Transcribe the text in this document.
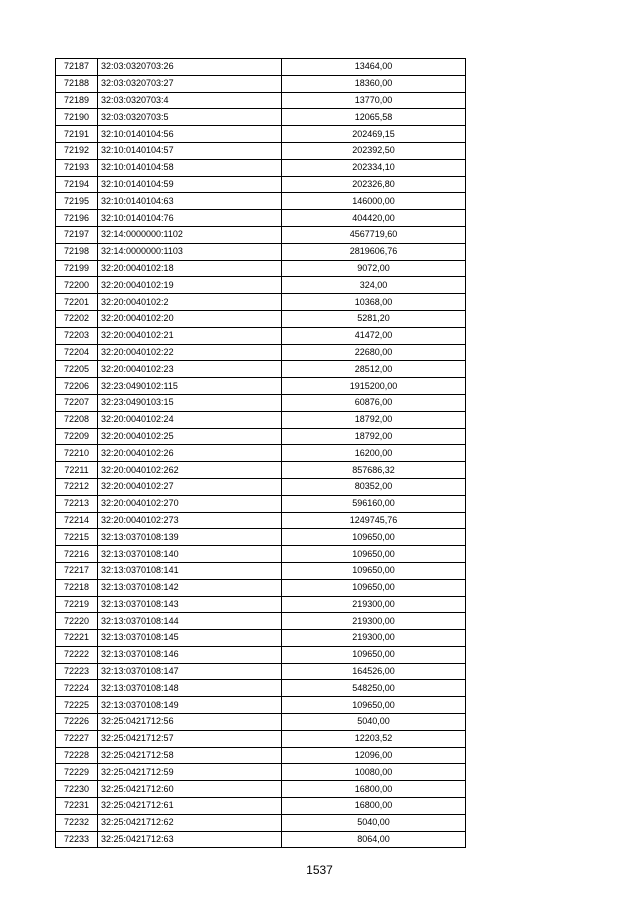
72187	32:03:0320703:26	13464,00
72188	32:03:0320703:27	18360,00
72189	32:03:0320703:4	13770,00
72190	32:03:0320703:5	12065,58
72191	32:10:0140104:56	202469,15
72192	32:10:0140104:57	202392,50
72193	32:10:0140104:58	202334,10
72194	32:10:0140104:59	202326,80
72195	32:10:0140104:63	146000,00
72196	32:10:0140104:76	404420,00
72197	32:14:0000000:1102	4567719,60
72198	32:14:0000000:1103	2819606,76
72199	32:20:0040102:18	9072,00
72200	32:20:0040102:19	324,00
72201	32:20:0040102:2	10368,00
72202	32:20:0040102:20	5281,20
72203	32:20:0040102:21	41472,00
72204	32:20:0040102:22	22680,00
72205	32:20:0040102:23	28512,00
72206	32:23:0490102:115	1915200,00
72207	32:23:0490103:15	60876,00
72208	32:20:0040102:24	18792,00
72209	32:20:0040102:25	18792,00
72210	32:20:0040102:26	16200,00
72211	32:20:0040102:262	857686,32
72212	32:20:0040102:27	80352,00
72213	32:20:0040102:270	596160,00
72214	32:20:0040102:273	1249745,76
72215	32:13:0370108:139	109650,00
72216	32:13:0370108:140	109650,00
72217	32:13:0370108:141	109650,00
72218	32:13:0370108:142	109650,00
72219	32:13:0370108:143	219300,00
72220	32:13:0370108:144	219300,00
72221	32:13:0370108:145	219300,00
72222	32:13:0370108:146	109650,00
72223	32:13:0370108:147	164526,00
72224	32:13:0370108:148	548250,00
72225	32:13:0370108:149	109650,00
72226	32:25:0421712:56	5040,00
72227	32:25:0421712:57	12203,52
72228	32:25:0421712:58	12096,00
72229	32:25:0421712:59	10080,00
72230	32:25:0421712:60	16800,00
72231	32:25:0421712:61	16800,00
72232	32:25:0421712:62	5040,00
72233	32:25:0421712:63	8064,00
1537
